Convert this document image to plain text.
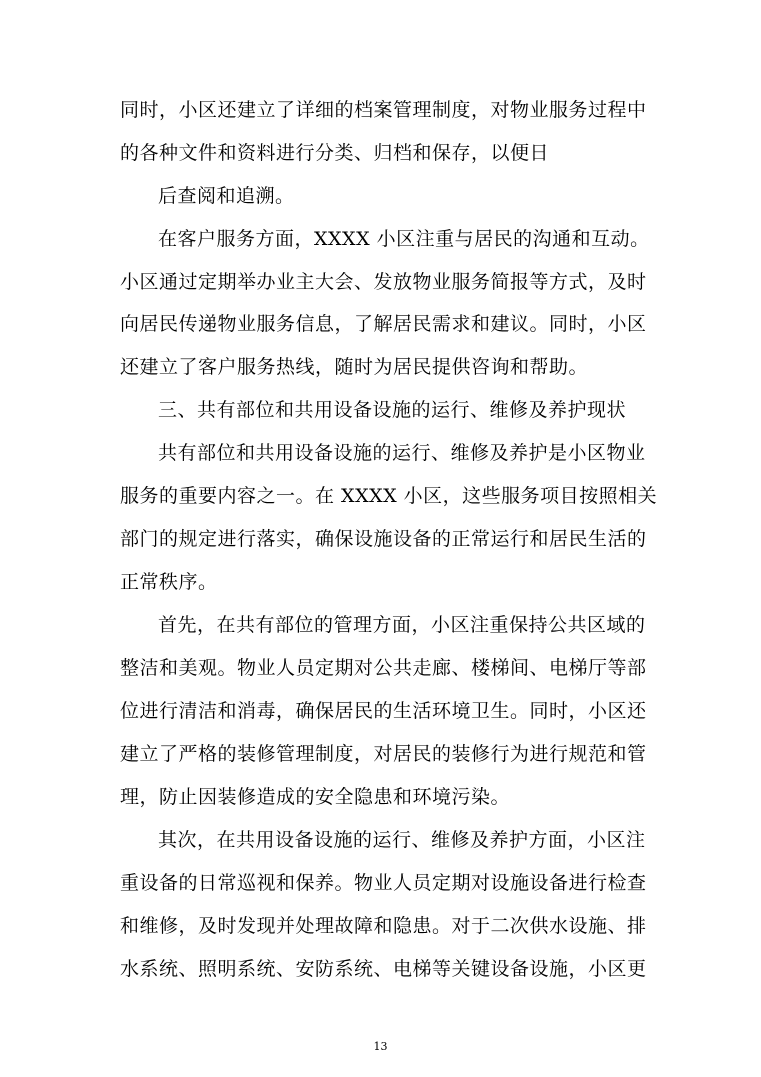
同时，小区还建立了详细的档案管理制度，对物业服务过程中
的各种文件和资料进行分类、归档和保存，以便日
后查阅和追溯。
在客户服务方面，XXXX 小区注重与居民的沟通和互动。
小区通过定期举办业主大会、发放物业服务简报等方式，及时
向居民传递物业服务信息，了解居民需求和建议。同时，小区
还建立了客户服务热线，随时为居民提供咨询和帮助。
三、共有部位和共用设备设施的运行、维修及养护现状
共有部位和共用设备设施的运行、维修及养护是小区物业
服务的重要内容之一。在 XXXX 小区，这些服务项目按照相关
部门的规定进行落实，确保设施设备的正常运行和居民生活的
正常秩序。
首先，在共有部位的管理方面，小区注重保持公共区域的
整洁和美观。物业人员定期对公共走廊、楼梯间、电梯厅等部
位进行清洁和消毒，确保居民的生活环境卫生。同时，小区还
建立了严格的装修管理制度，对居民的装修行为进行规范和管
理，防止因装修造成的安全隐患和环境污染。
其次，在共用设备设施的运行、维修及养护方面，小区注
重设备的日常巡视和保养。物业人员定期对设施设备进行检查
和维修，及时发现并处理故障和隐患。对于二次供水设施、排
水系统、照明系统、安防系统、电梯等关键设备设施，小区更
13
